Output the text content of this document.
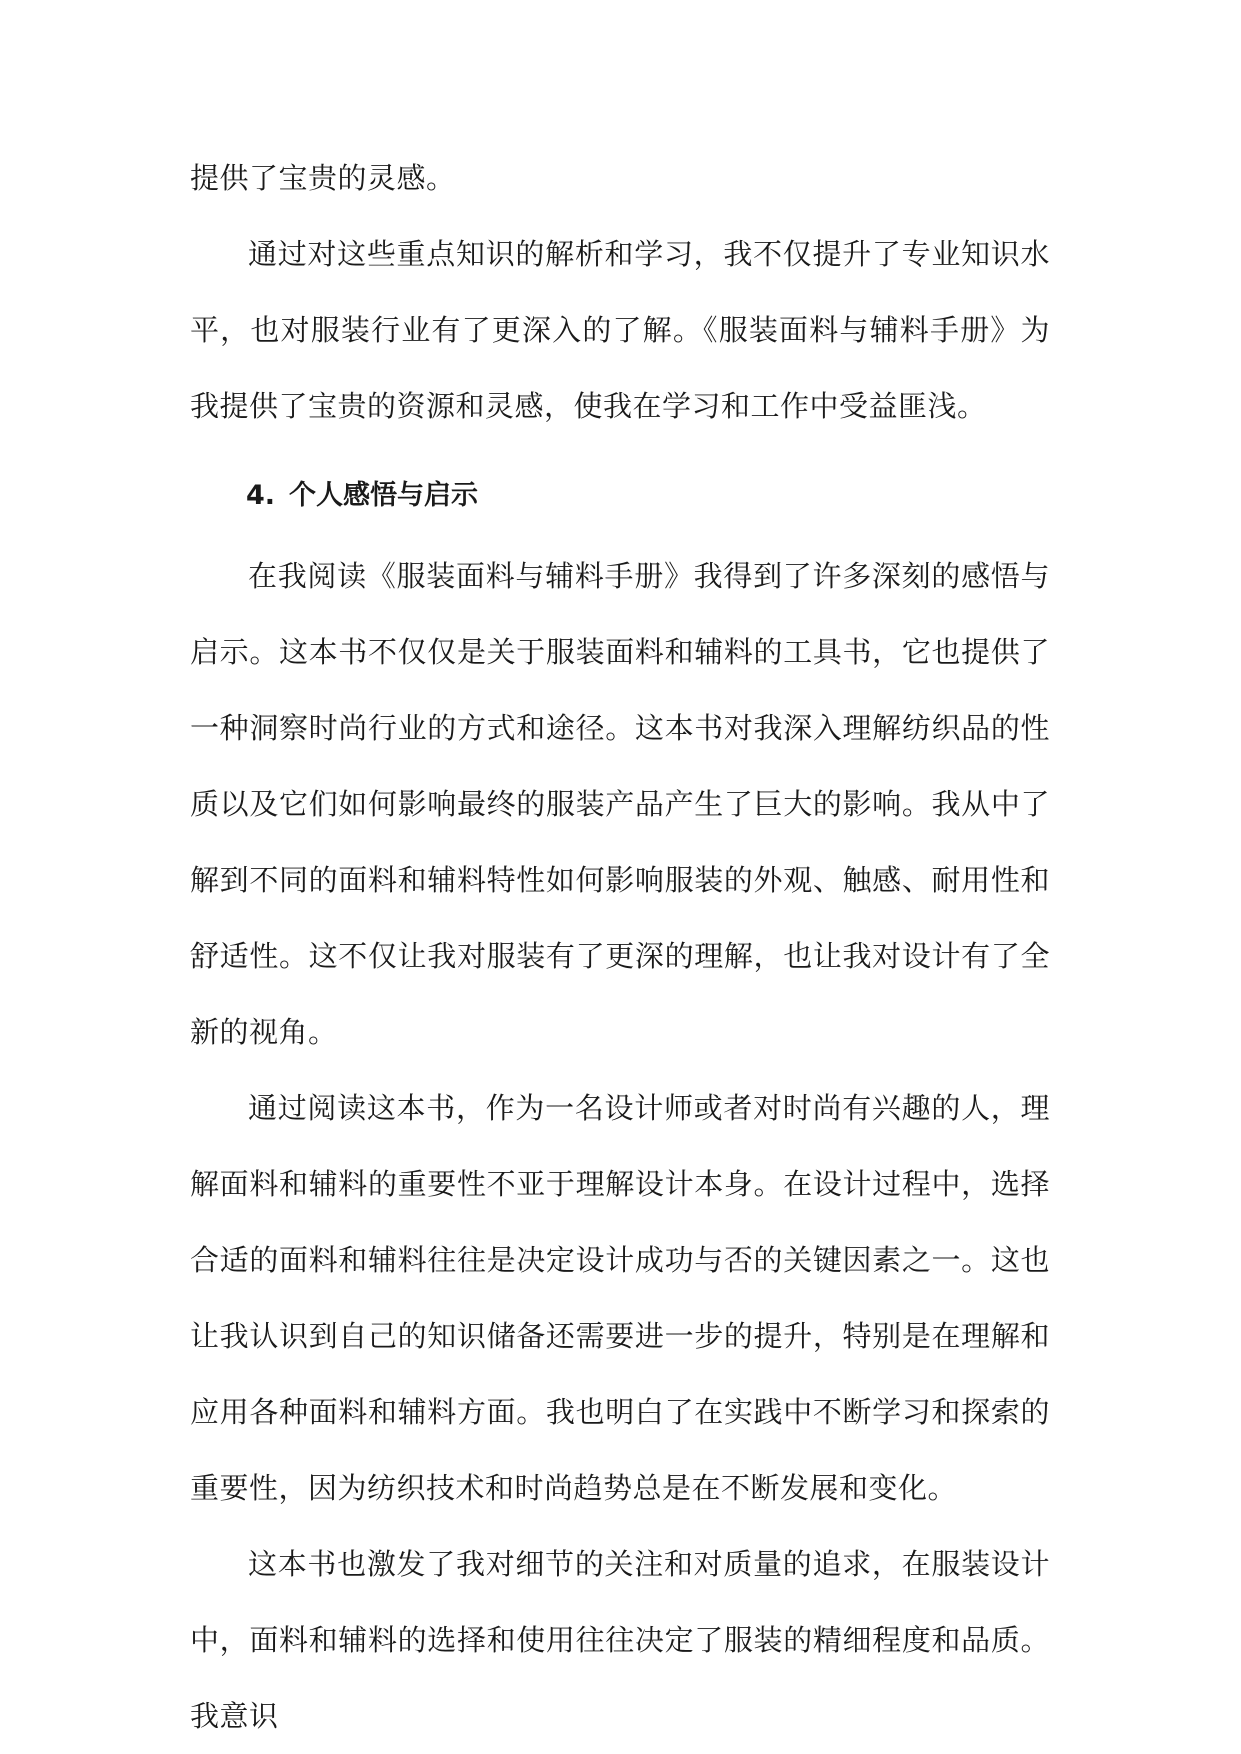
提供了宝贵的灵感。

通过对这些重点知识的解析和学习，我不仅提升了专业知识水平，也对服装行业有了更深入的了解。《服装面料与辅料手册》为我提供了宝贵的资源和灵感，使我在学习和工作中受益匪浅。

4. 个人感悟与启示

在我阅读《服装面料与辅料手册》我得到了许多深刻的感悟与启示。这本书不仅仅是关于服装面料和辅料的工具书，它也提供了一种洞察时尚行业的方式和途径。这本书对我深入理解纺织品的性质以及它们如何影响最终的服装产品产生了巨大的影响。我从中了解到不同的面料和辅料特性如何影响服装的外观、触感、耐用性和舒适性。这不仅让我对服装有了更深的理解，也让我对设计有了全新的视角。

通过阅读这本书，作为一名设计师或者对时尚有兴趣的人，理解面料和辅料的重要性不亚于理解设计本身。在设计过程中，选择合适的面料和辅料往往是决定设计成功与否的关键因素之一。这也让我认识到自己的知识储备还需要进一步的提升，特别是在理解和应用各种面料和辅料方面。我也明白了在实践中不断学习和探索的重要性，因为纺织技术和时尚趋势总是在不断发展和变化。

这本书也激发了我对细节的关注和对质量的追求，在服装设计中，面料和辅料的选择和使用往往决定了服装的精细程度和品质。我意识
